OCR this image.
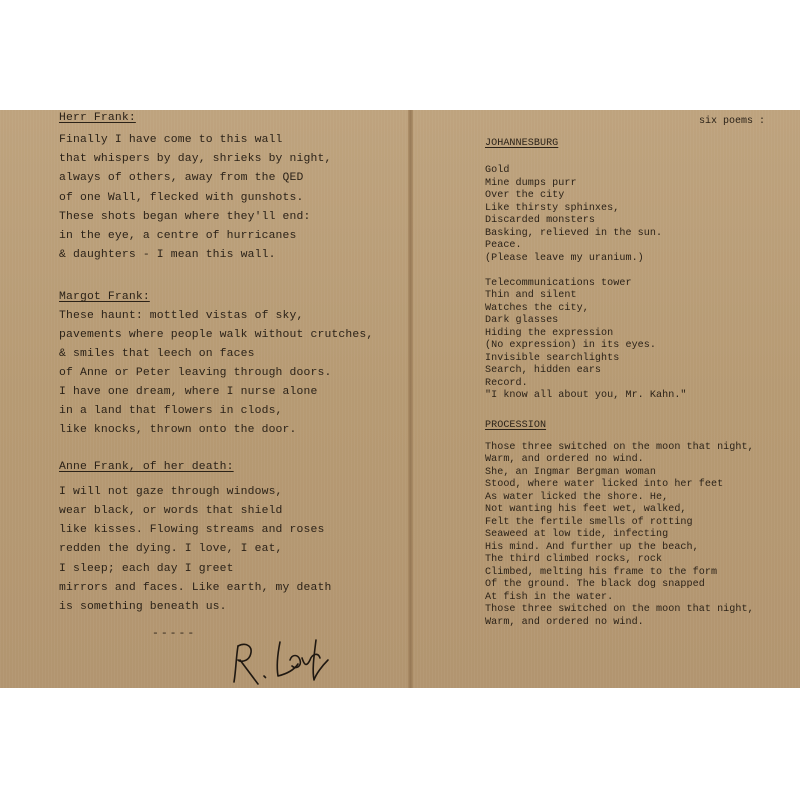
Herr Frank:
Finally I have come to this wall
that whispers by day, shrieks by night,
always of others, away from the QED
of one Wall, flecked with gunshots.
These shots began where they'll end:
in the eye, a centre of hurricanes
& daughters - I mean this wall.
Margot Frank:
These haunt: mottled vistas of sky,
pavements where people walk without crutches,
& smiles that leech on faces
of Anne or Peter leaving through doors.
I have one dream, where I nurse alone
in a land that flowers in clods,
like knocks, thrown onto the door.
Anne Frank, of her death:
I will not gaze through windows,
wear black, or words that shield
like kisses. Flowing streams and roses
redden the dying. I love, I eat,
I sleep; each day I greet
mirrors and faces. Like earth, my death
is something beneath us.
-----
six poems :
JOHANNESBURG
Gold
Mine dumps purr
Over the city
Like thirsty sphinxes,
Discarded monsters
Basking, relieved in the sun.
Peace.
(Please leave my uranium.)
Telecommunications tower
Thin and silent
Watches the city,
Dark glasses
Hiding the expression
(No expression) in its eyes.
Invisible searchlights
Search, hidden ears
Record.
"I know all about you, Mr. Kahn."
PROCESSION
Those three switched on the moon that night,
Warm, and ordered no wind.
She, an Ingmar Bergman woman
Stood, where water licked into her feet
As water licked the shore. He,
Not wanting his feet wet, walked,
Felt the fertile smells of rotting
Seaweed at low tide, infecting
His mind. And further up the beach,
The third climbed rocks, rock
Climbed, melting his frame to the form
Of the ground. The black dog snapped
At fish in the water.
Those three switched on the moon that night,
Warm, and ordered no wind.
